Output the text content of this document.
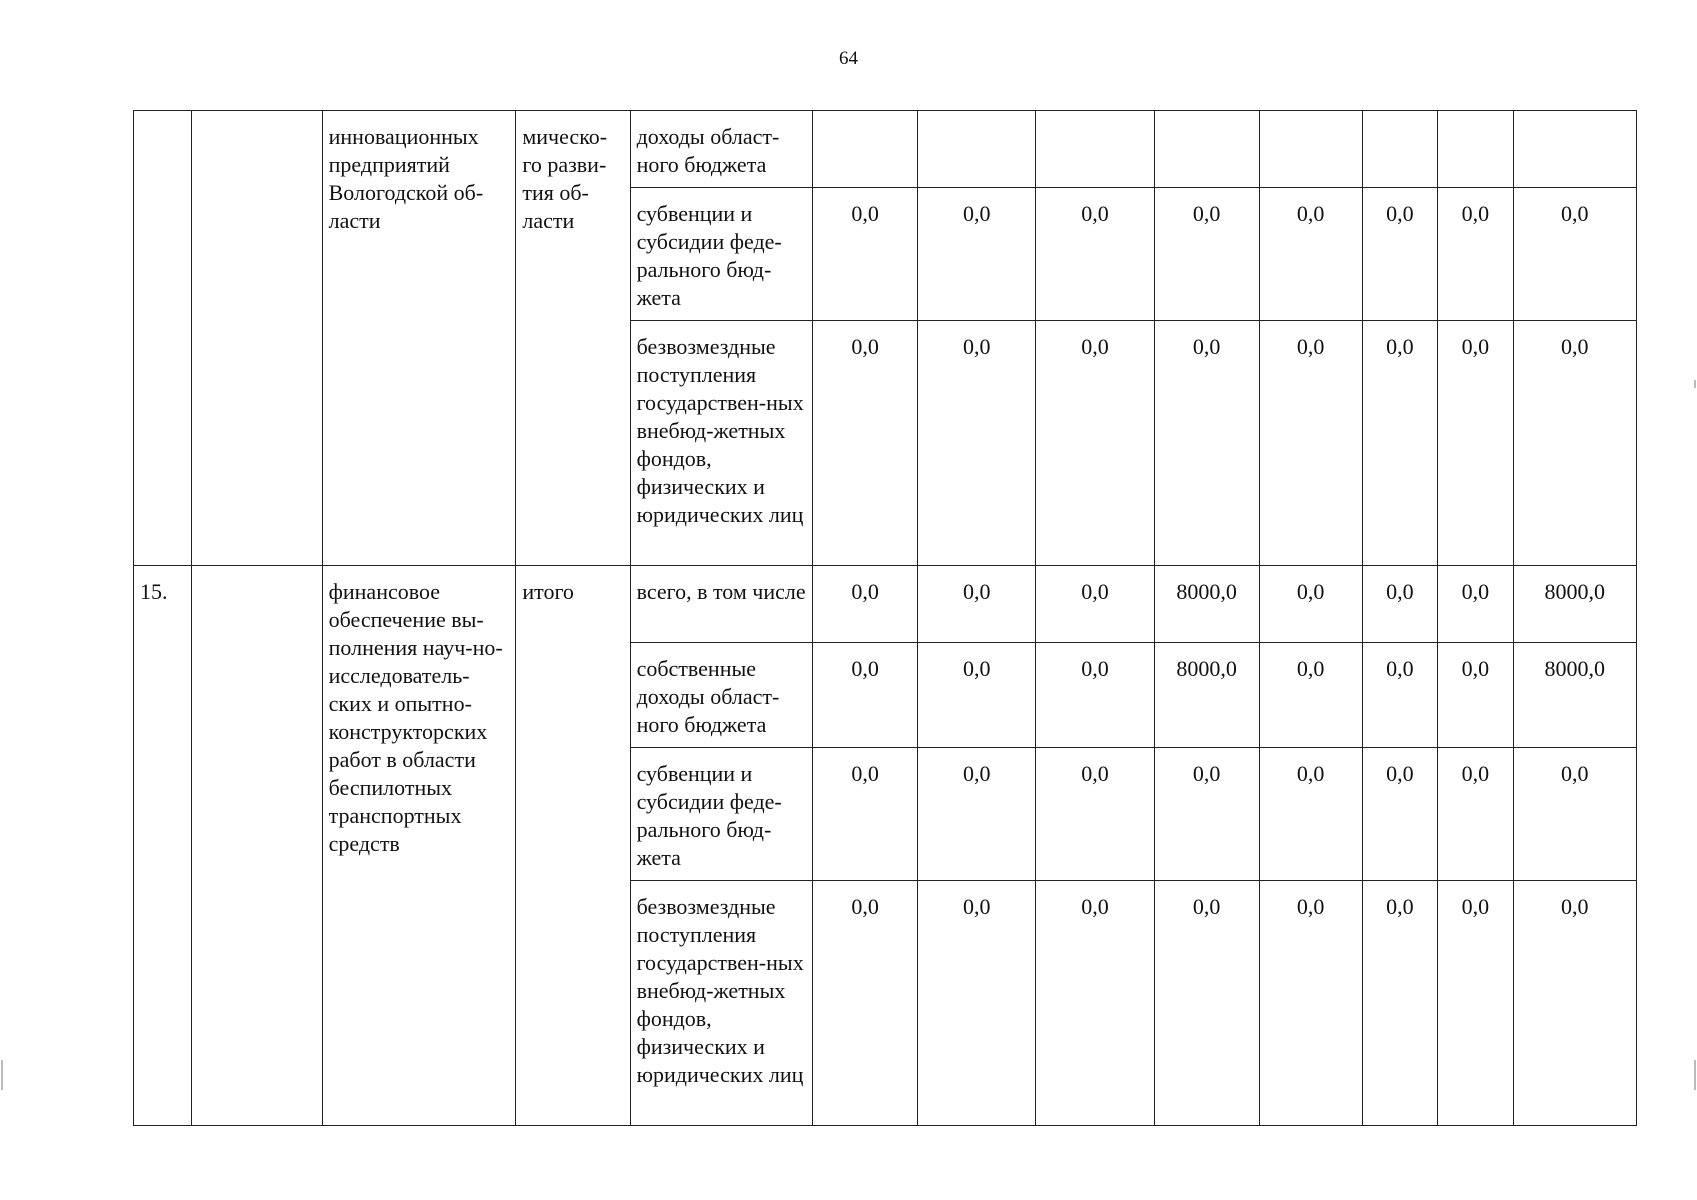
64
		инновационных предприятий Вологодской об-ласти	мическо-го разви-тия об-ласти	доходы област-ного бюджета								
				субвенции и субсидии феде-рального бюд-жета	0,0	0,0	0,0	0,0	0,0	0,0	0,0	0,0
				безвозмездные поступления государствен-ных внебюд-жетных фондов, физических и юридических лиц	0,0	0,0	0,0	0,0	0,0	0,0	0,0	0,0
15.		финансовое обеспечение вы-полнения науч-но-исследователь-ских и опытно-конструкторских работ в области беспилотных транспортных средств	итого	всего, в том числе	0,0	0,0	0,0	8000,0	0,0	0,0	0,0	8000,0
				собственные доходы област-ного бюджета	0,0	0,0	0,0	8000,0	0,0	0,0	0,0	8000,0
				субвенции и субсидии феде-рального бюд-жета	0,0	0,0	0,0	0,0	0,0	0,0	0,0	0,0
				безвозмездные поступления государствен-ных внебюд-жетных фондов, физических и юридических лиц	0,0	0,0	0,0	0,0	0,0	0,0	0,0	0,0
